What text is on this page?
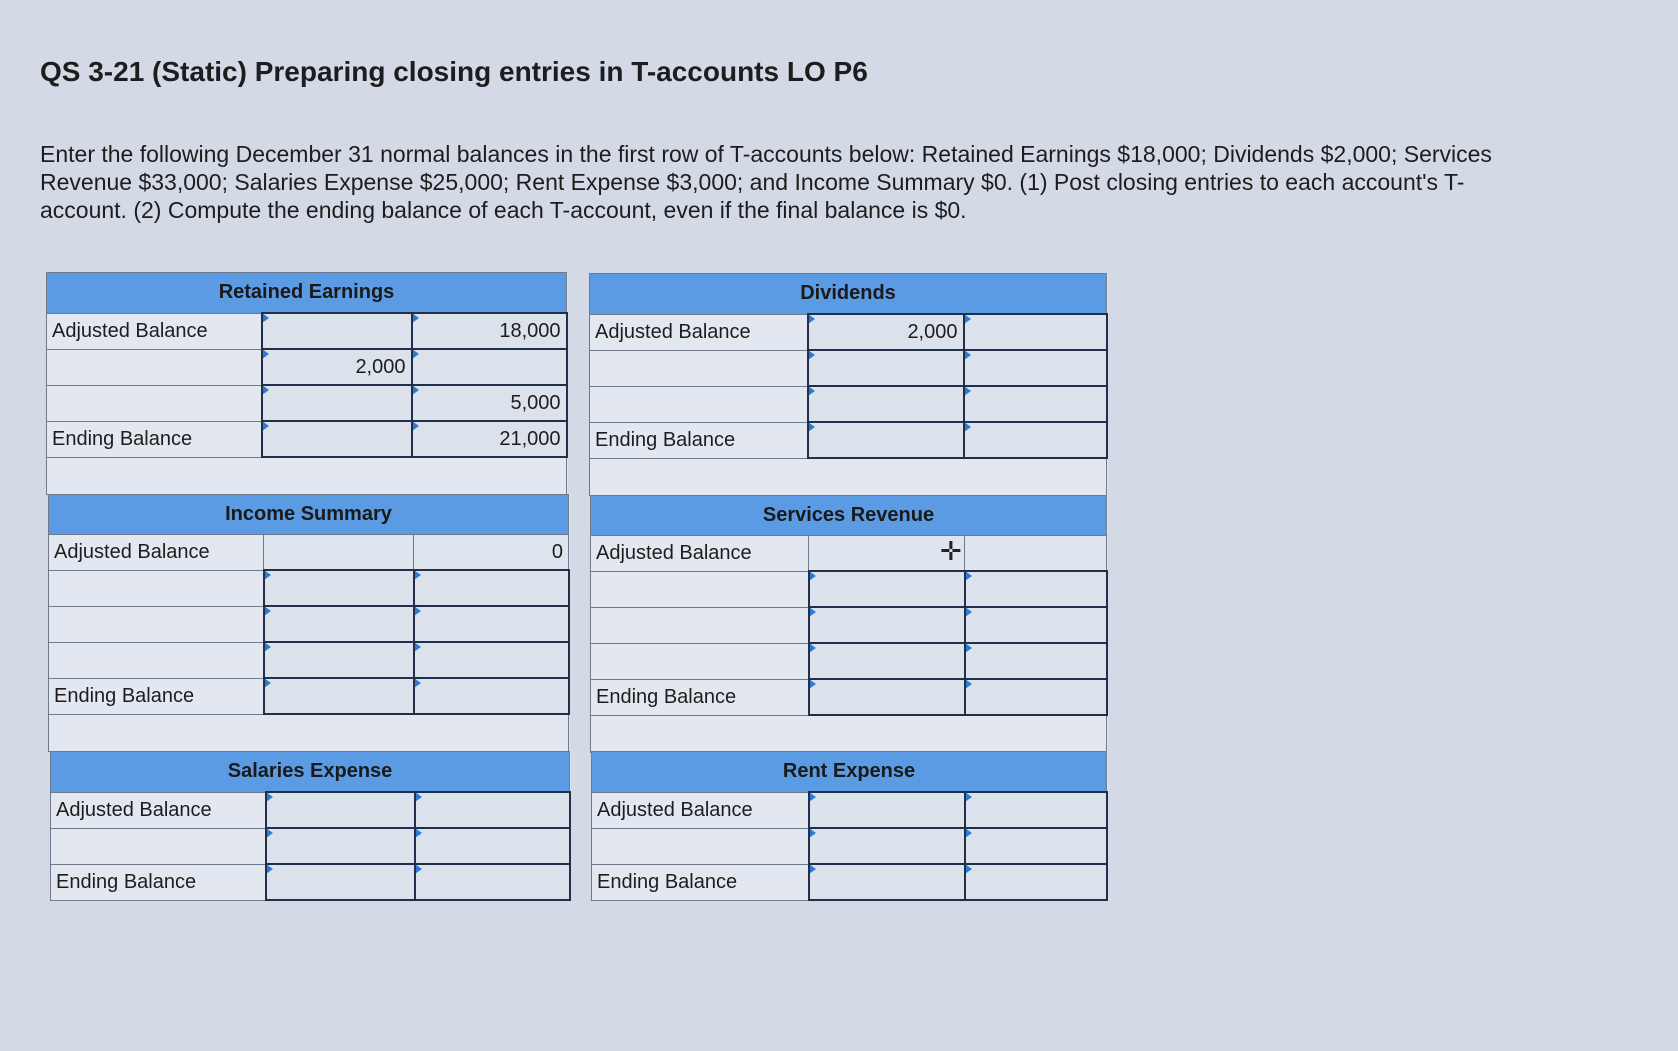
QS 3-21 (Static) Preparing closing entries in T-accounts LO P6

Enter the following December 31 normal balances in the first row of T-accounts below: Retained Earnings $18,000; Dividends $2,000; Services Revenue $33,000; Salaries Expense $25,000; Rent Expense $3,000; and Income Summary $0. (1) Post closing entries to each account's T-account. (2) Compute the ending balance of each T-account, even if the final balance is $0.

Retained Earnings		
Adjusted Balance		18,000
	2,000	
		5,000
Ending Balance		21,000

Dividends		
Adjusted Balance	2,000	

Ending Balance		

Income Summary		
Adjusted Balance		0

Ending Balance		

Services Revenue		
Adjusted Balance		

Ending Balance		

Salaries Expense		
Adjusted Balance		

Ending Balance		
Rent Expense		
Adjusted Balance		

Ending Balance		
✛
